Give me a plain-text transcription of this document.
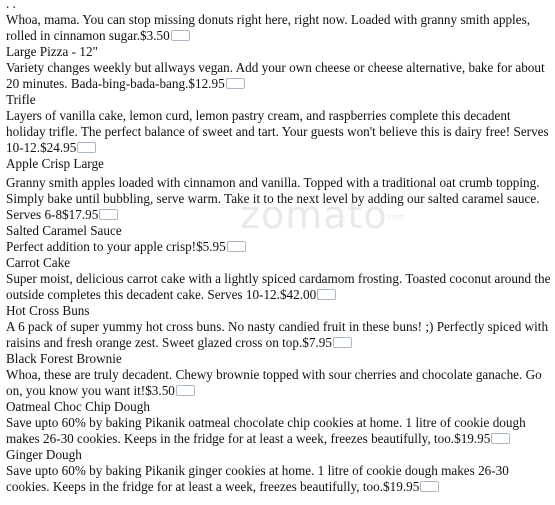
zomatocom
. .
Whoa, mama. You can stop missing donuts right here, right now. Loaded with granny smith apples, rolled in cinnamon sugar.$3.50
Large Pizza - 12"
Variety changes weekly but allways vegan. Add your own cheese or cheese alternative, bake for about 20 minutes. Bada-bing-bada-bang.$12.95
Trifle
Layers of vanilla cake, lemon curd, lemon pastry cream, and raspberries complete this decadent holiday trifle. The perfect balance of sweet and tart. Your guests won't believe this is dairy free! Serves 10-12.$24.95
Apple Crisp Large
Granny smith apples loaded with cinnamon and vanilla. Topped with a traditional oat crumb topping. Simply bake until bubbling, serve warm. Take it to the next level by adding our salted caramel sauce. Serves 6-8$17.95
Salted Caramel Sauce
Perfect addition to your apple crisp!$5.95
Carrot Cake
Super moist, delicious carrot cake with a lightly spiced cardamom frosting. Toasted coconut around the outside completes this decadent cake. Serves 10-12.$42.00
Hot Cross Buns
A 6 pack of super yummy hot cross buns. No nasty candied fruit in these buns! ;) Perfectly spiced with raisins and fresh orange zest. Sweet glazed cross on top.$7.95
Black Forest Brownie
Whoa, these are truly decadent. Chewy brownie topped with sour cherries and chocolate ganache. Go on, you know you want it!$3.50
Oatmeal Choc Chip Dough
Save upto 60% by baking Pikanik oatmeal chocolate chip cookies at home. 1 litre of cookie dough makes 26-30 cookies. Keeps in the fridge for at least a week, freezes beautifully, too.$19.95
Ginger Dough
Save upto 60% by baking Pikanik ginger cookies at home. 1 litre of cookie dough makes 26-30 cookies. Keeps in the fridge for at least a week, freezes beautifully, too.$19.95
